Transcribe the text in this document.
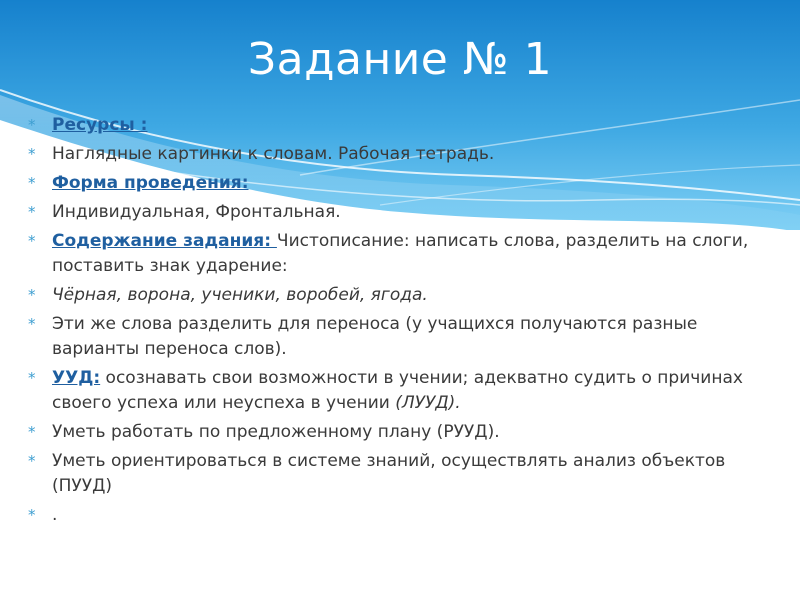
Задание № 1
* Ресурсы :
* Наглядные картинки к словам. Рабочая тетрадь.
* Форма проведения:
* Индивидуальная, Фронтальная.
* Содержание задания: Чистописание: написать слова, разделить на слоги, поставить знак ударение:
* Чёрная, ворона, ученики, воробей, ягода.
* Эти же слова разделить для переноса (у учащихся получаются разные варианты переноса слов).
* УУД: осознавать свои возможности в учении; адекватно судить о причинах своего успеха или неуспеха в учении (ЛУУД).
* Уметь работать по предложенному плану (РУУД).
* Уметь ориентироваться в системе знаний, осуществлять анализ объектов (ПУУД)
* .
